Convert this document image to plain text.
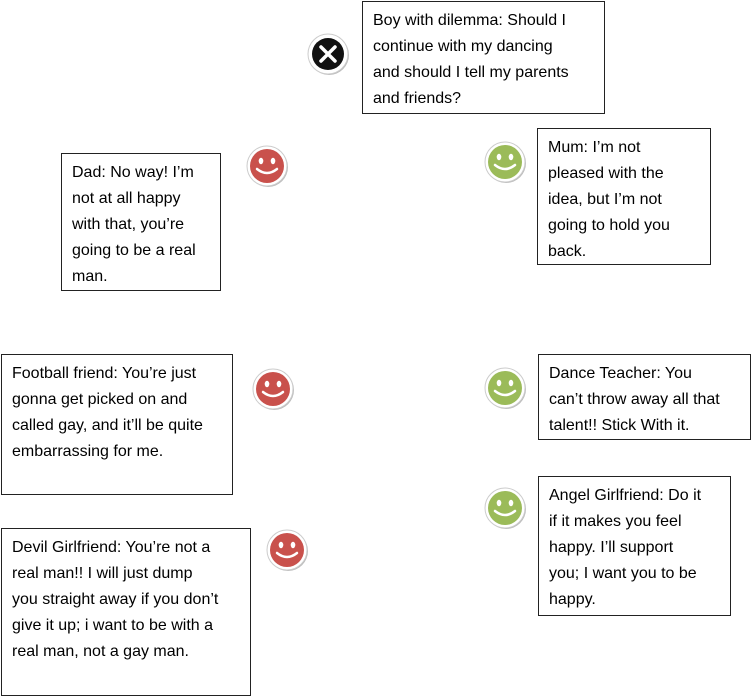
Boy with dilemma: Should I
continue with my dancing
and should I tell my parents
and friends?
Dad: No way! I’m
not at all happy
with that, you’re
going to be a real
man.
Mum: I’m not
pleased with the
idea, but I’m not
going to hold you
back.
Football friend: You’re just
gonna get picked on and
called gay, and it’ll be quite
embarrassing for me.
Dance Teacher: You
can’t throw away all that
talent!! Stick With it.
Angel Girlfriend: Do it
if it makes you feel
happy. I’ll support
you; I want you to be
happy.
Devil Girlfriend: You’re not a
real man!! I will just dump
you straight away if you don’t
give it up; i want to be with a
real man, not a gay man.
